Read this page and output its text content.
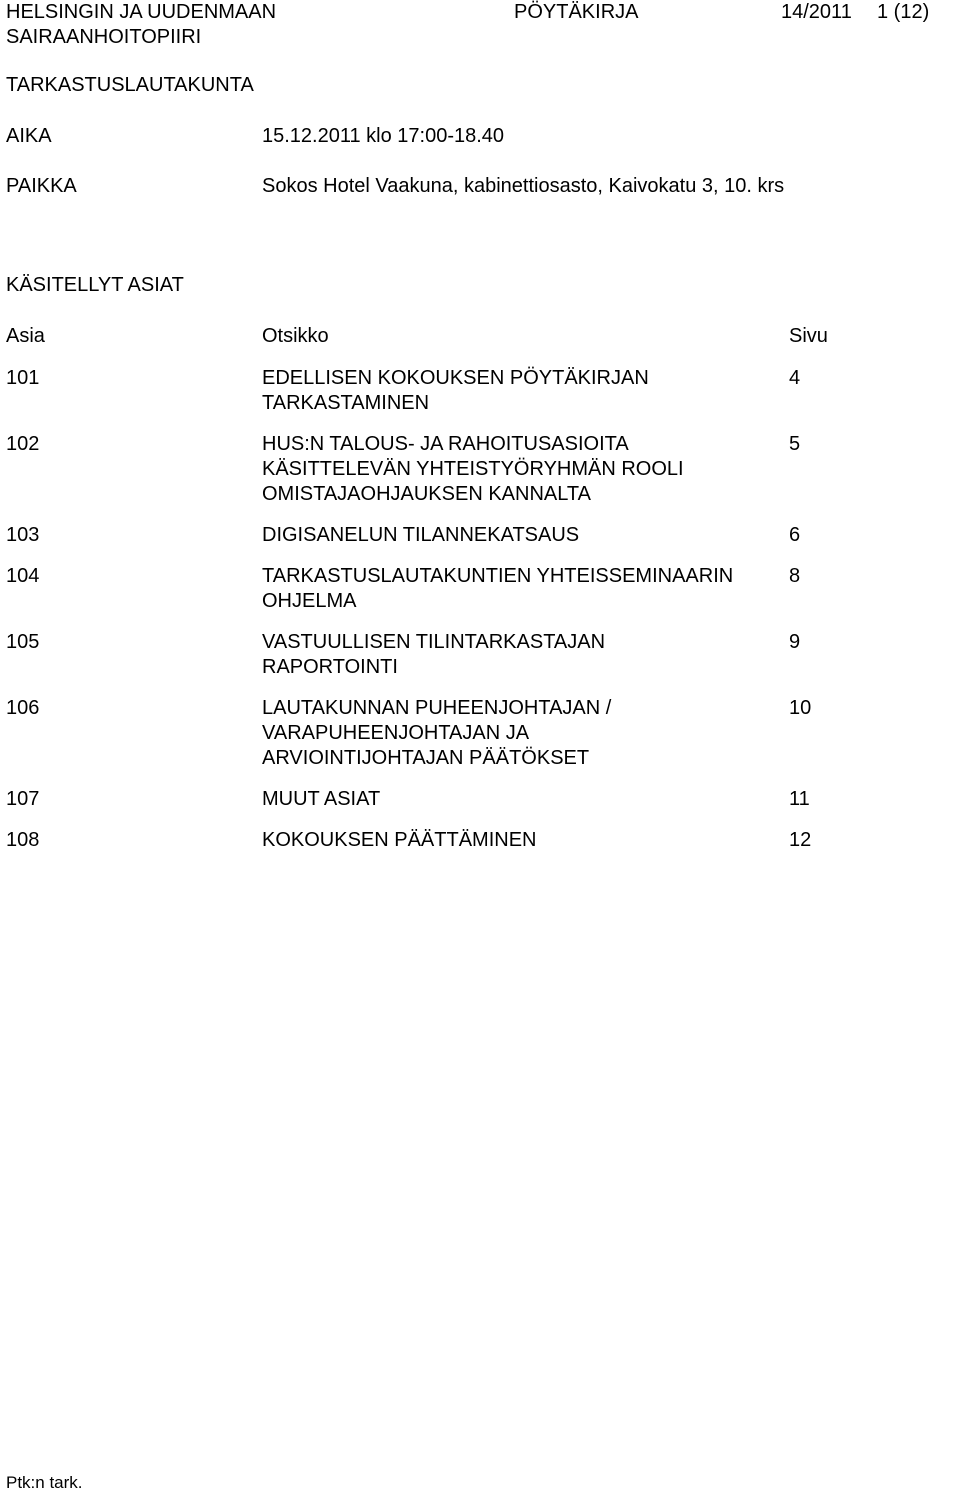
HELSINGIN JA UUDENMAAN
SAIRAANHOITOPIIRI
PÖYTÄKIRJA	14/2011 1 (12)
TARKASTUSLAUTAKUNTA
AIKA	15.12.2011 klo 17:00-18.40
PAIKKA	Sokos Hotel Vaakuna, kabinettiosasto, Kaivokatu 3, 10. krs
KÄSITELLYT ASIAT
Asia	Otsikko	Sivu
101	EDELLISEN KOKOUKSEN PÖYTÄKIRJAN
TARKASTAMINEN	4
102	HUS:N TALOUS- JA RAHOITUSASIOITA
KÄSITTELEVÄN YHTEISTYÖRYHMÄN ROOLI
OMISTAJAOHJAUKSEN KANNALTA	5
103	DIGISANELUN TILANNEKATSAUS	6
104	TARKASTUSLAUTAKUNTIEN YHTEISSEMINAARIN
OHJELMA	8
105	VASTUULLISEN TILINTARKASTAJAN
RAPORTOINTI	9
106	LAUTAKUNNAN PUHEENJOHTAJAN /
VARAPUHEENJOHTAJAN JA
ARVIOINTIJOHTAJAN PÄÄTÖKSET	10
107	MUUT ASIAT	11
108	KOKOUKSEN PÄÄTTÄMINEN	12
Ptk:n tark.
